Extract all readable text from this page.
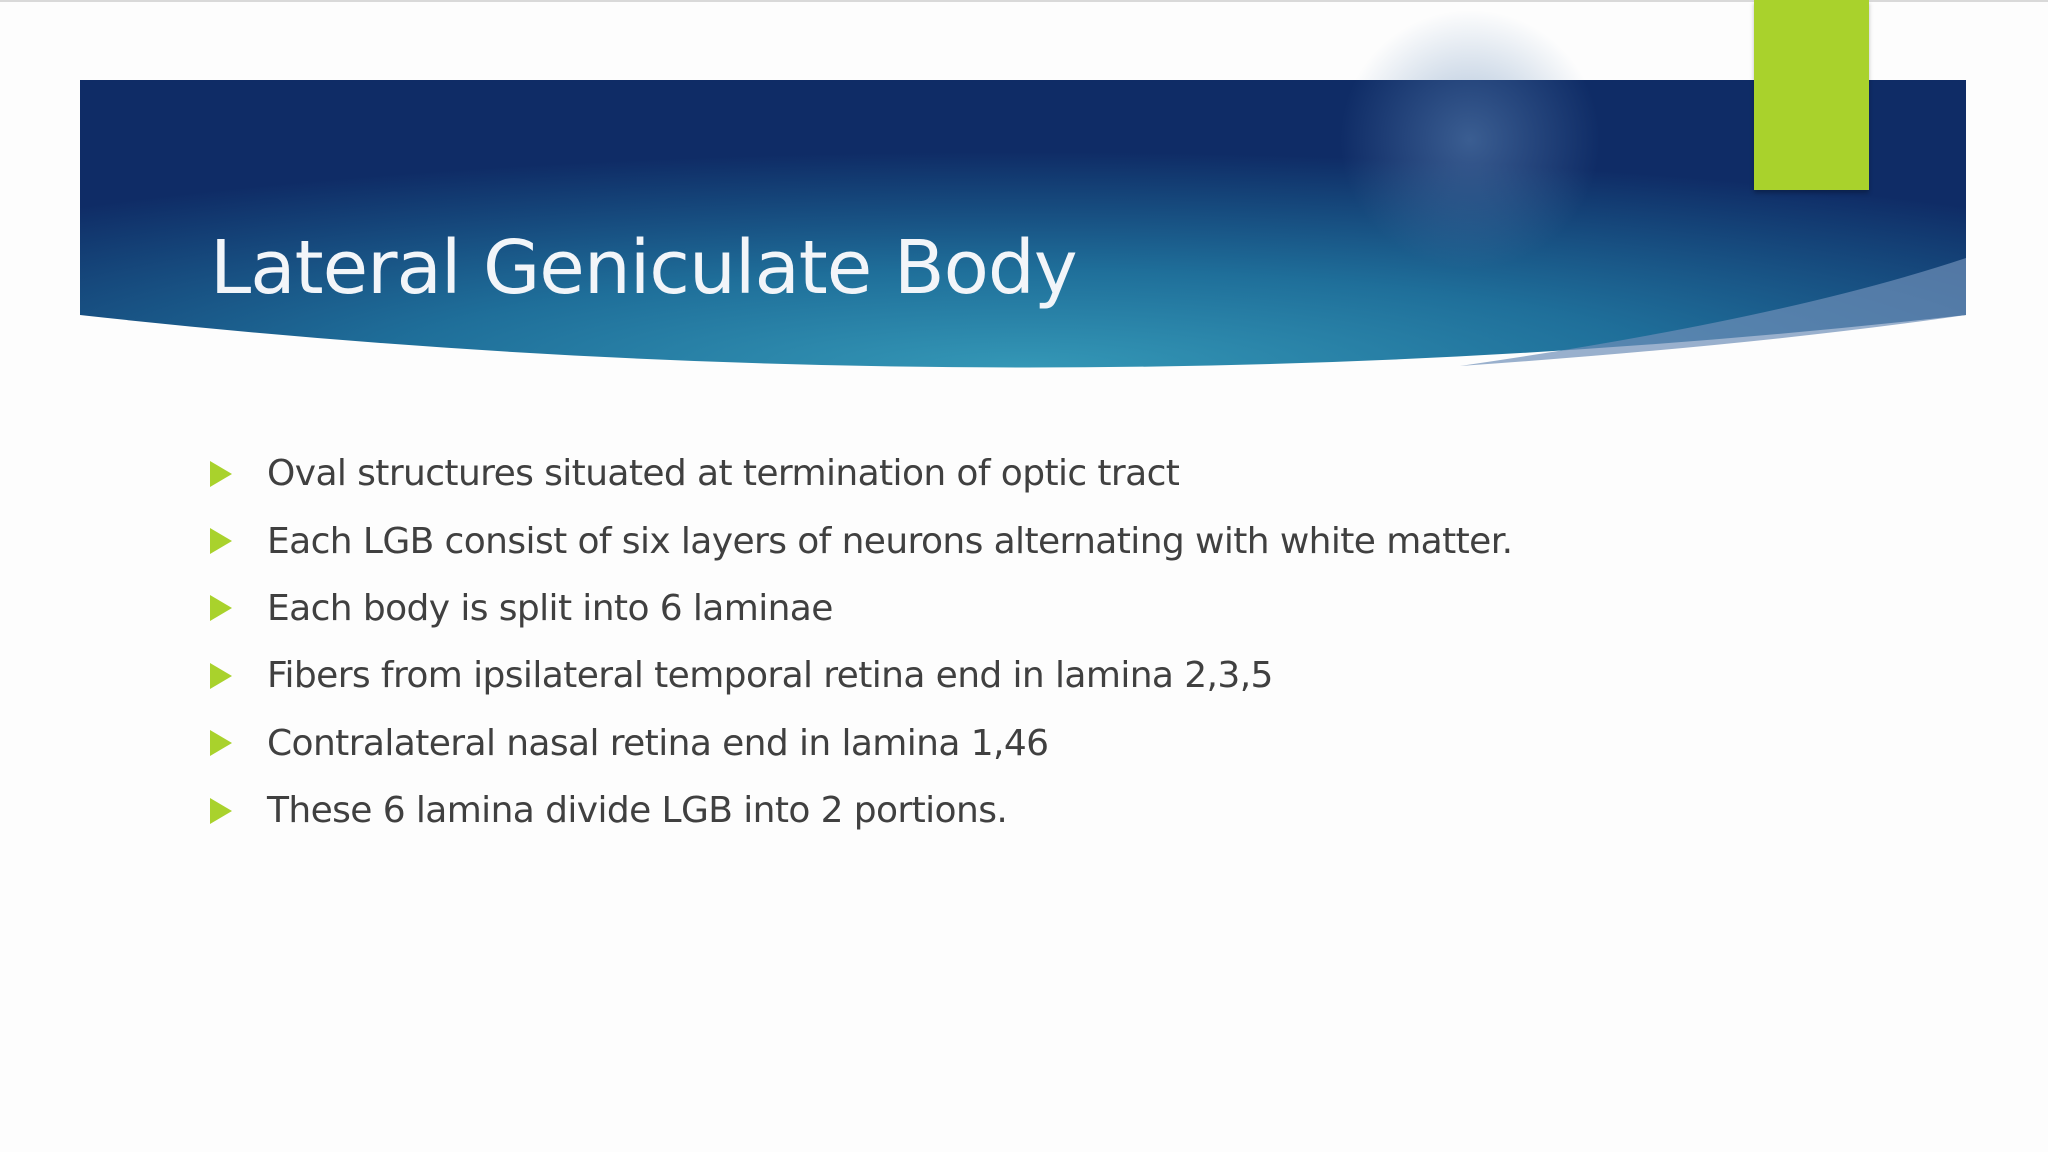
Lateral Geniculate Body
Oval structures situated at termination of optic tract
Each LGB consist of six layers of neurons alternating with white matter.
Each body is split into 6 laminae
Fibers from ipsilateral temporal retina end in lamina 2,3,5
Contralateral nasal retina end in lamina 1,46
These 6 lamina divide LGB into 2 portions.
